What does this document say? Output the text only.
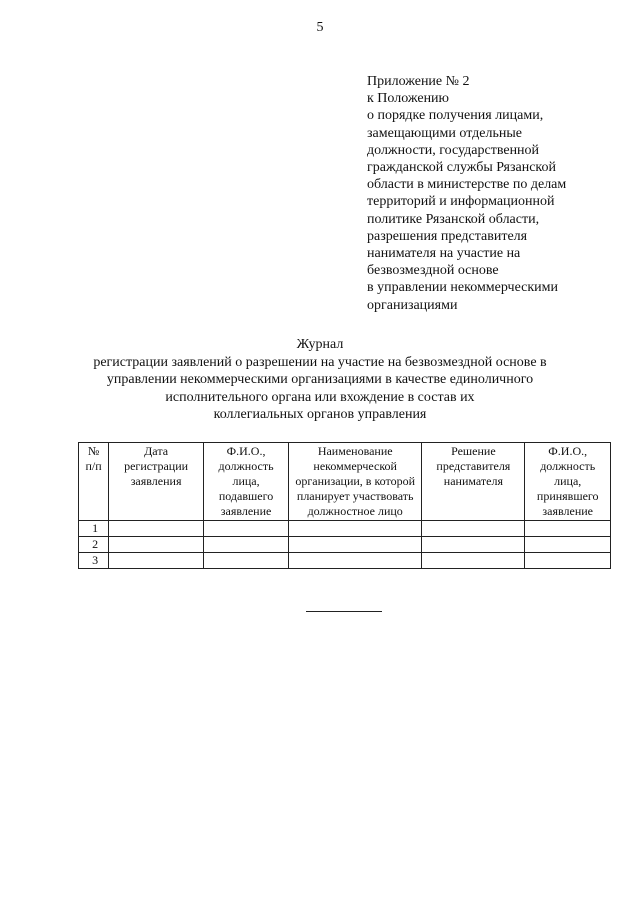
5
Приложение № 2
к Положению
о порядке получения лицами,
замещающими отдельные
должности, государственной
гражданской службы Рязанской
области в министерстве по делам
территорий и информационной
политике Рязанской области,
разрешения представителя
нанимателя на участие на
безвозмездной основе
в управлении некоммерческими
организациями
Журнал
регистрации заявлений о разрешении на участие на безвозмездной основе в
управлении некоммерческими организациями в качестве единоличного
исполнительного органа или вхождение в состав их
коллегиальных органов управления
№ п/п	Дата регистрации заявления	Ф.И.О., должность лица, подавшего заявление	Наименование некоммерческой организации, в которой планирует участвовать должностное лицо	Решение представителя нанимателя	Ф.И.О., должность лица, принявшего заявление
1					
2					
3					
